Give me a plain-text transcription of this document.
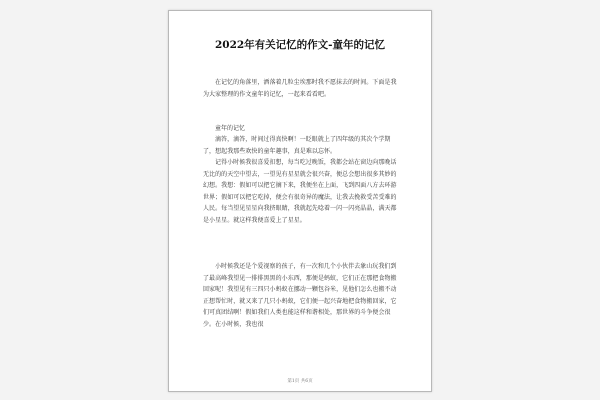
2022年有关记忆的作文-童年的记忆
在记忆的角落里，洒落着几粒尘埃那时我不愿抹去的时间。下面是我为大家整理的作文童年的记忆，一起来看看吧。
童年的记忆
滴答，滴答，时间过得真快啊！一眨眼就上了四年级的其次个学期了，想起我那些欢快的童年趣事，真是难以忘怀。
记得小时候我很喜爱扣想，每当吃过晚饭，我都会站在窗边向那晚话无比的的天空中望去，一望见有星星就会很兴奋，便总会想出很多其妙的幻想。我想：假如可以把它摘下来，我便坐在上面，飞到四面八方去环游世界；假如可以把它吃掉，便会有很奇异的魔法，让我去挽救受苦受难的人民。每当望见星星向我挤眼睛，我就起先唸着一闪一闪亮晶晶，满天都是小星星。就这样我便喜爱上了星星。
小时候我还是个爱视察的孩子，有一次和几个小伙伴去象山玩我们到了最高峰我望见一排排黑黑的小东西，那便是蚂蚁，它们正在那把食物搬回家呢！我望见有三四只小蚂蚁在挪动一颗包谷米，见他们怎么也搬不动正想帮忙时，就又来了几只小蚂蚁，它们便一起兴奋地把食物搬回家，它们可真团结啊！假如我们人类也能这样和谐相处，那世界的斗争便会很少。在小时候，我也很
第1页 共6页
